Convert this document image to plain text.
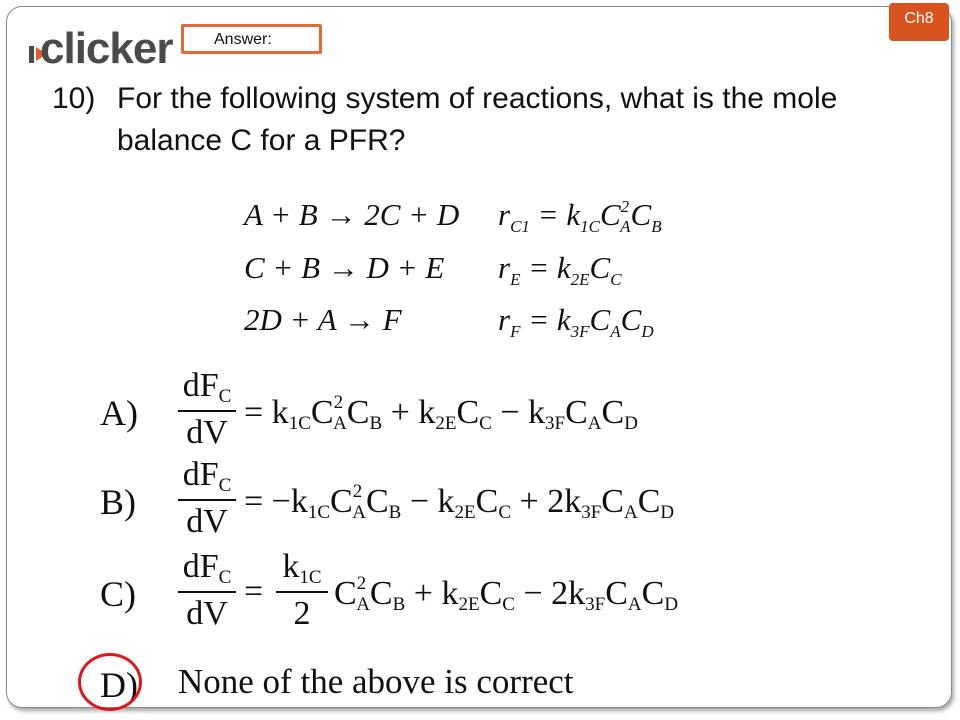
clicker	Answer:
Ch8
10) For the following system of reactions, what is the mole balance C for a PFR?
A + B → 2C + D $r_{C1} = k_{1C}C^2_AC_B$
C + B → D + E $r_E = k_{2E}C_C$
2D + A → F	$r_F = k_{3F}C_AC_D$
A)
dFC
dV
= $k1CC^2ACB + k2ECC$ − k3FCACD
B)
dFC
dV
= $-k1CC^2ACB - k2ECC$ + 2k3FCACD
C)
dFC
dV
=
k1C
2
$C^2ACB + k2ECC$ − 2k3FCACD
D) None of the above is correct
